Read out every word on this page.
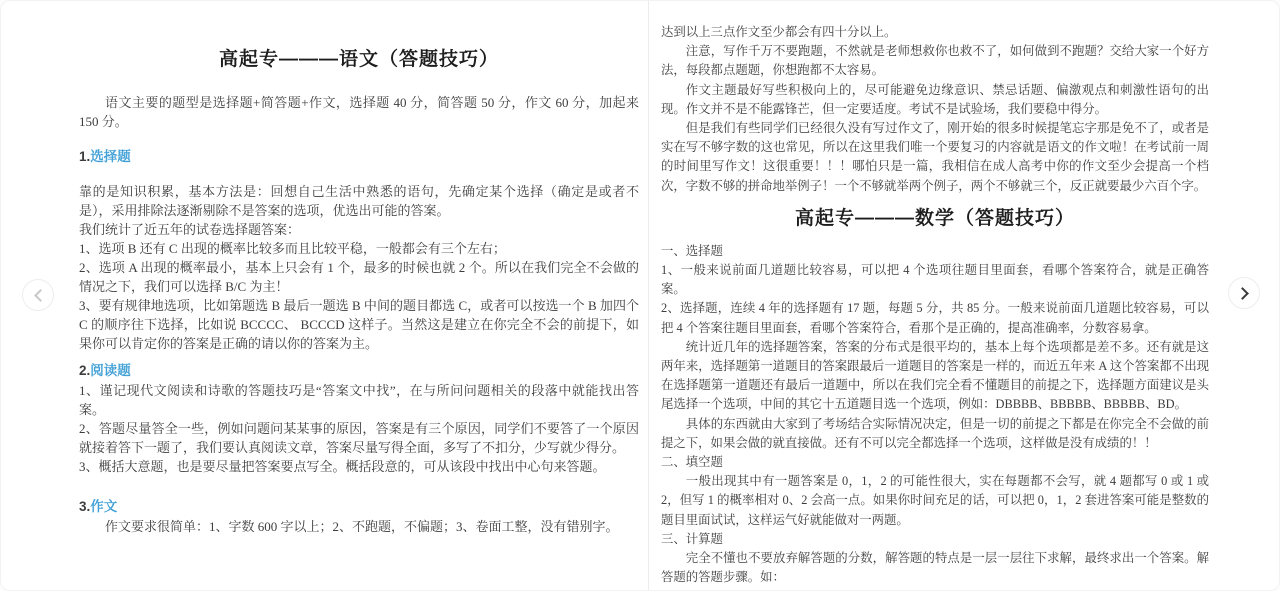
高起专———语文（答题技巧）

语文主要的题型是选择题+简答题+作文，选择题 40 分，简答题 50 分，作文 60 分，加起来 150 分。

1.选择题

靠的是知识积累，基本方法是：回想自己生活中熟悉的语句，先确定某个选择（确定是或者不是），采用排除法逐渐剔除不是答案的选项，优选出可能的答案。

我们统计了近五年的试卷选择题答案：

1、选项 B 还有 C 出现的概率比较多而且比较平稳，一般都会有三个左右；

2、选项 A 出现的概率最小，基本上只会有 1 个，最多的时候也就 2 个。所以在我们完全不会做的情况之下，我们可以选择 B/C 为主！

3、要有规律地选项，比如第题选 B 最后一题选 B 中间的题目都选 C，或者可以按选一个 B 加四个 C 的顺序往下选择，比如说 BCCCC、 BCCCD 这样子。当然这是建立在你完全不会的前提下，如果你可以肯定你的答案是正确的请以你的答案为主。

2.阅读题

1、谨记现代文阅读和诗歌的答题技巧是“答案文中找”，在与所问问题相关的段落中就能找出答案。

2、答题尽量答全一些，例如问题问某某事的原因，答案是有三个原因，同学们不要答了一个原因就接着答下一题了，我们要认真阅读文章，答案尽量写得全面，多写了不扣分，少写就少得分。

3、概括大意题，也是要尽量把答案要点写全。概括段意的，可从该段中找出中心句来答题。

3.作文

作文要求很简单：1、字数 600 字以上；2、不跑题，不偏题；3、卷面工整，没有错别字。

达到以上三点作文至少都会有四十分以上。

注意，写作千万不要跑题，不然就是老师想救你也救不了，如何做到不跑题？交给大家一个好方法，每段都点题题，你想跑都不太容易。

作文主题最好写些积极向上的，尽可能避免边缘意识、禁忌话题、偏激观点和刺激性语句的出现。作文并不是不能露锋芒，但一定要适度。考试不是试验场，我们要稳中得分。

但是我们有些同学们已经很久没有写过作文了，刚开始的很多时候提笔忘字那是免不了，或者是实在写不够字数的这也常见，所以在这里我们唯一个要复习的内容就是语文的作文啦！在考试前一周的时间里写作文！这很重要！！！哪怕只是一篇，我相信在成人高考中你的作文至少会提高一个档次，字数不够的拼命地举例子！一个不够就举两个例子，两个不够就三个，反正就要最少六百个字。

高起专———数学（答题技巧）

一、选择题

1、一般来说前面几道题比较容易，可以把 4 个选项往题目里面套，看哪个答案符合，就是正确答案。

2、选择题，连续 4 年的选择题有 17 题，每题 5 分，共 85 分。一般来说前面几道题比较容易，可以把 4 个答案往题目里面套，看哪个答案符合，看那个是正确的，提高准确率，分数容易拿。

统计近几年的选择题答案，答案的分布式是很平均的，基本上每个选项都是差不多。还有就是这两年来，选择题第一道题目的答案跟最后一道题目的答案是一样的，而近五年来 A 这个答案都不出现在选择题第一道题还有最后一道题中，所以在我们完全看不懂题目的前提之下，选择题方面建议是头尾选择一个选项，中间的其它十五道题目选一个选项，例如：DBBBB、BBBBB、BBBBB、BD。

具体的东西就由大家到了考场结合实际情况决定，但是一切的前提之下都是在你完全不会做的前提之下，如果会做的就直接做。还有不可以完全都选择一个选项，这样做是没有成绩的！！

二、填空题

一般出现其中有一题答案是 0，1，2 的可能性很大，实在每题都不会写，就 4 题都写 0 或 1 或 2，但写 1 的概率相对 0、2 会高一点。如果你时间充足的话，可以把 0，1，2 套进答案可能是整数的题目里面试试，这样运气好就能做对一两题。

三、计算题

完全不懂也不要放弃解答题的分数，解答题的特点是一层一层往下求解，最终求出一个答案。解答题的答题步骤。如：
